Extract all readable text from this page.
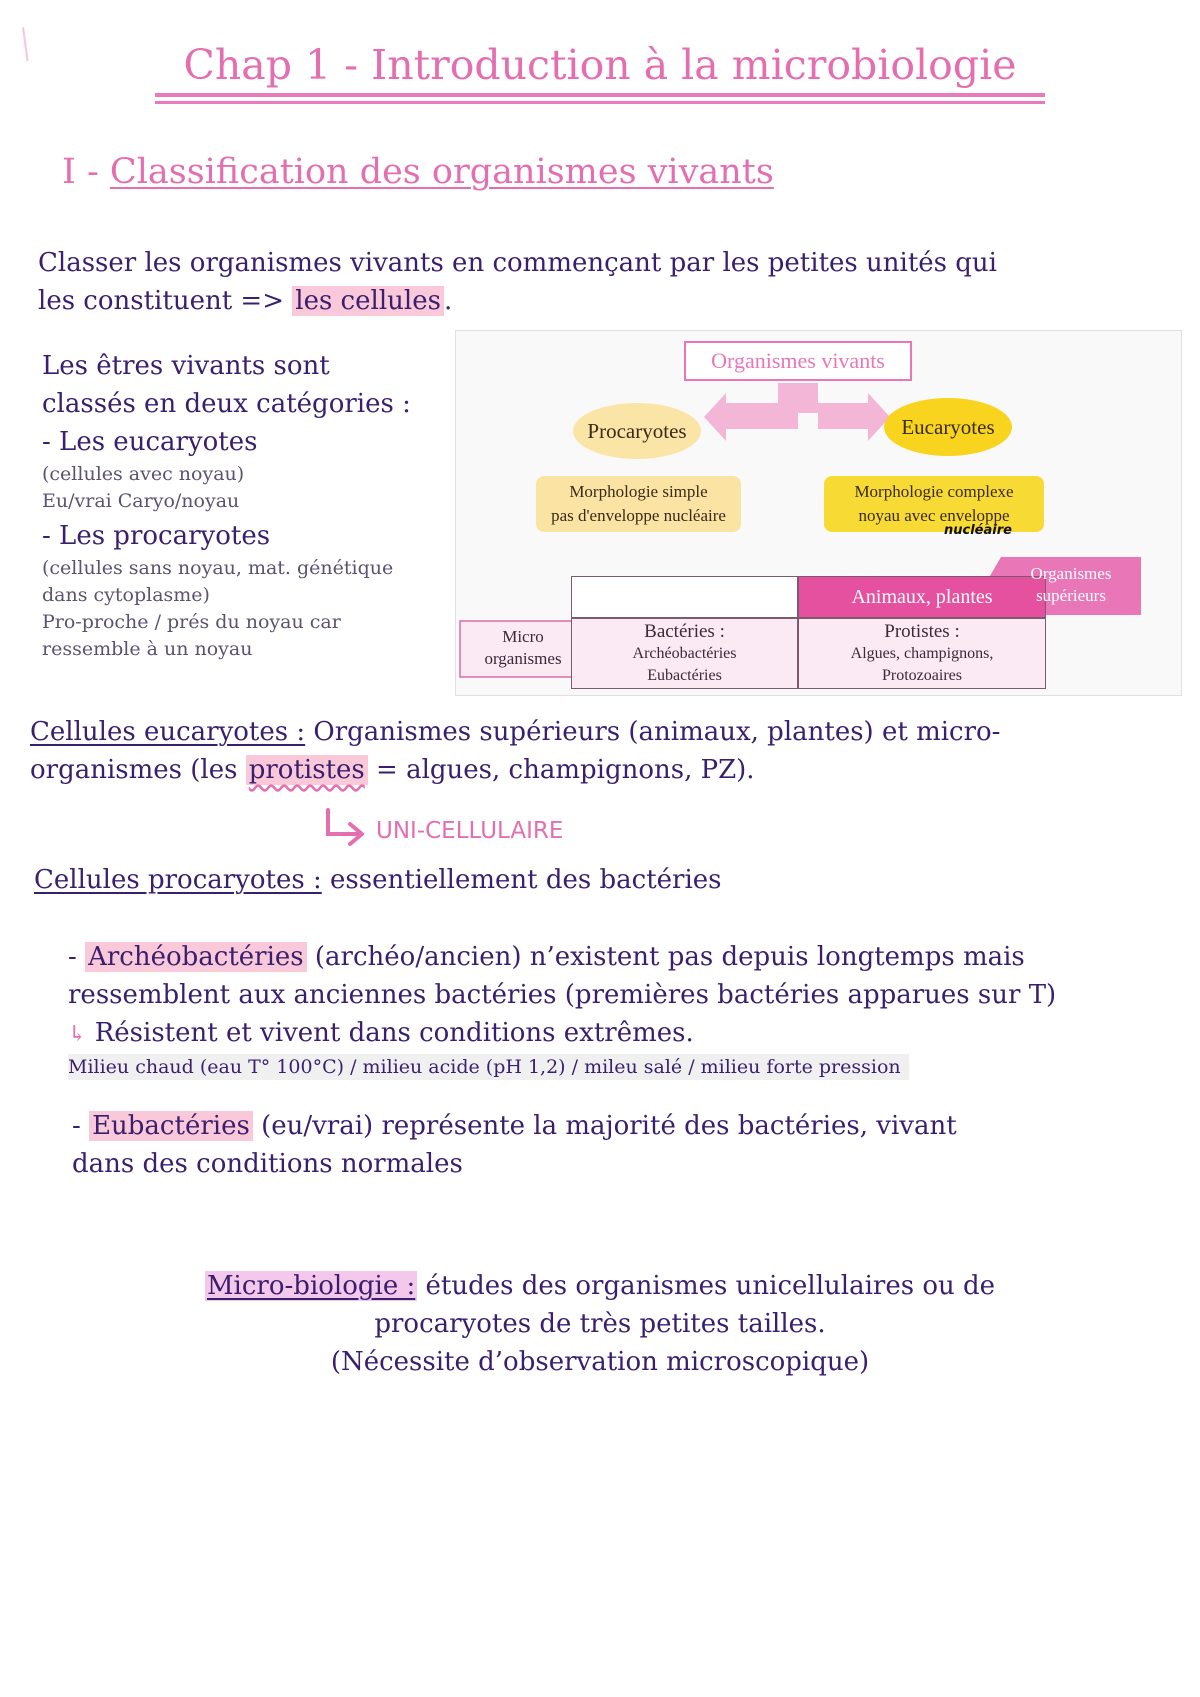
╱	Chap 1 - Introduction à la microbiologie
I - Classification des organismes vivants
Classer les organismes vivants en commençant par les petites unités qui
les constituent => les cellules .
Les êtres vivants sont
classés en deux catégories :
- Les eucaryotes
(cellules avec noyau)
Eu/vrai Caryo/noyau
- Les procaryotes
(cellules sans noyau, mat. génétique
dans cytoplasme)
Pro-proche / prés du noyau car
ressemble à un noyau
Organismes vivants
Procaryotes	Eucaryotes
Morphologie simple
pas d'enveloppe nucléaire
Morphologie complexe
noyau avec enveloppe
nucléaire
Animaux, plantes
Bactéries :
Archéobactéries
Eubactéries
Protistes :
Algues, champignons,
Protozoaires
Micro
organismes
Organismes
supérieurs
Cellules eucaryotes : Organismes supérieurs (animaux, plantes) et micro-
organismes (les protistes = algues, champignons, PZ).
UNI-CELLULAIRE
Cellules procaryotes : essentiellement des bactéries
- Archéobactéries (archéo/ancien) n’existent pas depuis longtemps mais
ressemblent aux anciennes bactéries (premières bactéries apparues sur T)
↳ Résistent et vivent dans conditions extrêmes.
Milieu chaud (eau T° 100°C) / milieu acide (pH 1,2) / mileu salé / milieu forte pression
- Eubactéries (eu/vrai) représente la majorité des bactéries, vivant
dans des conditions normales
Micro-biologie : études des organismes unicellulaires ou de
procaryotes de très petites tailles.
(Nécessite d’observation microscopique)
